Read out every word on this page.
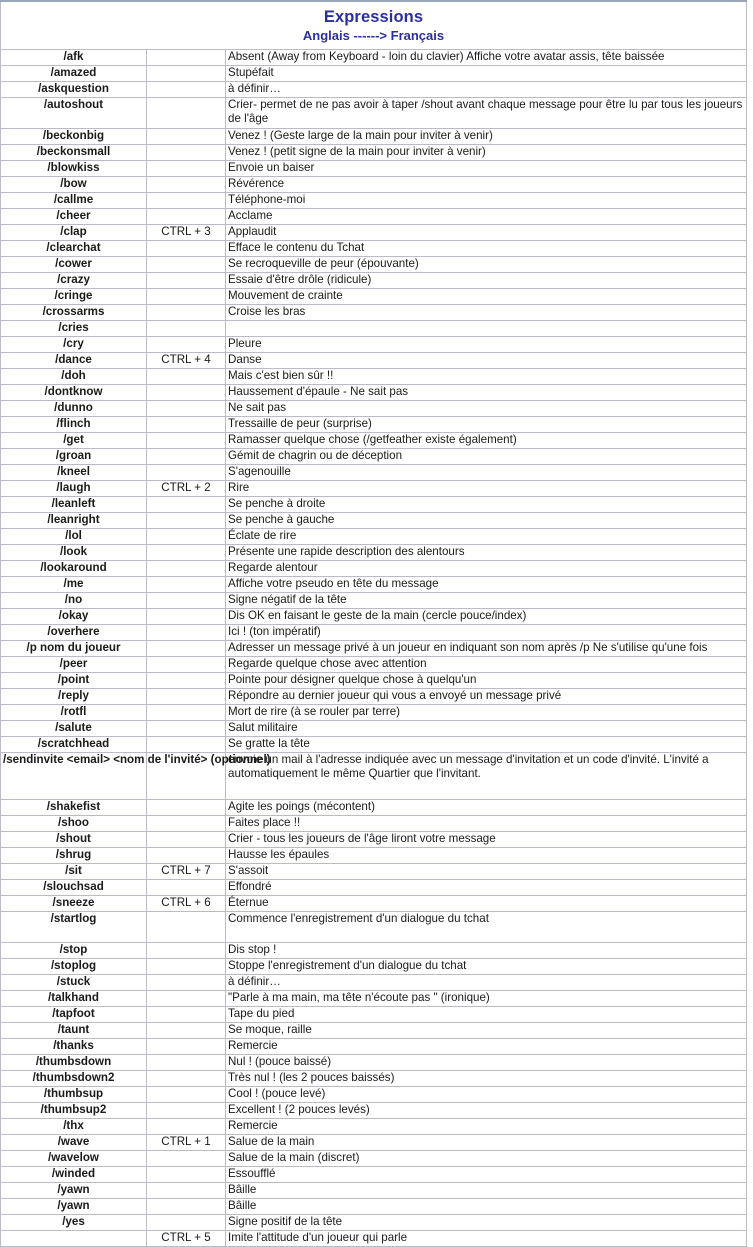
Expressions
Anglais ------> Français		

/afk		Absent (Away from Keyboard - loin du clavier) Affiche votre avatar assis, tête baissée
/amazed		Stupéfait
/askquestion		à définir…
/autoshout		Crier- permet de ne pas avoir à taper /shout avant chaque message pour être lu par tous les joueurs de l'âge
/beckonbig		Venez ! (Geste large de la main pour inviter à venir)
/beckonsmall		Venez ! (petit signe de la main pour inviter à venir)
/blowkiss		Envoie un baiser
/bow		Révérence
/callme		Téléphone-moi
/cheer		Acclame
/clap	CTRL + 3	Applaudit
/clearchat		Efface le contenu du Tchat
/cower		Se recroqueville de peur (épouvante)
/crazy		Essaie d'être drôle (ridicule)
/cringe		Mouvement de crainte
/crossarms		Croise les bras
/cries		
/cry		Pleure
/dance	CTRL + 4	Danse
/doh		Mais c'est bien sûr !!
/dontknow		Haussement d'épaule - Ne sait pas
/dunno		Ne sait pas
/flinch		Tressaille de peur (surprise)
/get		Ramasser quelque chose (/getfeather existe également)
/groan		Gémit de chagrin ou de déception
/kneel		S'agenouille
/laugh	CTRL + 2	Rire
/leanleft		Se penche à droite
/leanright		Se penche à gauche
/lol		Éclate de rire
/look		Présente une rapide description des alentours
/lookaround		Regarde alentour
/me		Affiche votre pseudo en tête du message
/no		Signe négatif de la tête
/okay		Dis OK en faisant le geste de la main (cercle pouce/index)
/overhere		Ici ! (ton impératif)
/p nom du joueur		Adresser un message privé à un joueur en indiquant son nom après /p Ne s'utilise qu'une fois
/peer		Regarde quelque chose avec attention
/point		Pointe pour désigner quelque chose à quelqu'un
/reply		Répondre au dernier joueur qui vous a envoyé un message privé
/rotfl		Mort de rire (à se rouler par terre)
/salute		Salut militaire
/scratchhead		Se gratte la tête
/sendinvite <email> <nom de l'invité> (optionnel)		envoie un mail à l'adresse indiquée avec un message d'invitation et un code d'invité. L'invité a automatiquement le même Quartier que l'invitant.
/shakefist		Agite les poings (mécontent)
/shoo		Faites place !!
/shout		Crier - tous les joueurs de l'âge liront votre message
/shrug		Hausse les épaules
/sit	CTRL + 7	S'assoit
/slouchsad		Effondré
/sneeze	CTRL + 6	Éternue
/startlog		Commence l'enregistrement d'un dialogue du tchat
/stop		Dis stop !
/stoplog		Stoppe l'enregistrement d'un dialogue du tchat
/stuck		à définir…
/talkhand		"Parle à ma main, ma tête n'écoute pas " (ironique)
/tapfoot		Tape du pied
/taunt		Se moque, raille
/thanks		Remercie
/thumbsdown		Nul ! (pouce baissé)
/thumbsdown2		Très nul ! (les 2 pouces baissés)
/thumbsup		Cool ! (pouce levé)
/thumbsup2		Excellent ! (2 pouces levés)
/thx		Remercie
/wave	CTRL + 1	Salue de la main
/wavelow		Salue de la main (discret)
/winded		Essoufflé
/yawn		Bâille
/yawn		Bâille
/yes		Signe positif de la tête
	CTRL + 5	Imite l'attitude d'un joueur qui parle
